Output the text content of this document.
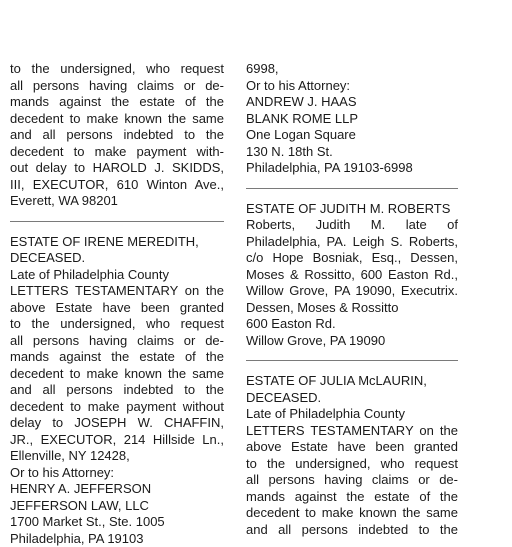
to the undersigned, who request
all persons having claims or de-
mands against the estate of the
decedent to make known the same
and all persons indebted to the
decedent to make payment with-
out delay to HAROLD J. SKIDDS,
III, EXECUTOR, 610 Winton Ave.,
Everett, WA 98201
ESTATE OF IRENE MEREDITH,
DECEASED.
Late of Philadelphia County
LETTERS TESTAMENTARY on the
above Estate have been granted
to the undersigned, who request
all persons having claims or de-
mands against the estate of the
decedent to make known the same
and all persons indebted to the
decedent to make payment without
delay to JOSEPH W. CHAFFIN,
JR., EXECUTOR, 214 Hillside Ln.,
Ellenville, NY 12428,
Or to his Attorney:
HENRY A. JEFFERSON
JEFFERSON LAW, LLC
1700 Market St., Ste. 1005
Philadelphia, PA 19103
6998,
Or to his Attorney:
ANDREW J. HAAS
BLANK ROME LLP
One Logan Square
130 N. 18th St.
Philadelphia, PA 19103-6998
ESTATE OF JUDITH M. ROBERTS
Roberts, Judith M. late of
Philadelphia, PA. Leigh S. Roberts,
c/o Hope Bosniak, Esq., Dessen,
Moses & Rossitto, 600 Easton Rd.,
Willow Grove, PA 19090, Executrix.
Dessen, Moses & Rossitto
600 Easton Rd.
Willow Grove, PA 19090
ESTATE OF JULIA McLAURIN,
DECEASED.
Late of Philadelphia County
LETTERS TESTAMENTARY on the
above Estate have been granted
to the undersigned, who request
all persons having claims or de-
mands against the estate of the
decedent to make known the same
and all persons indebted to the
